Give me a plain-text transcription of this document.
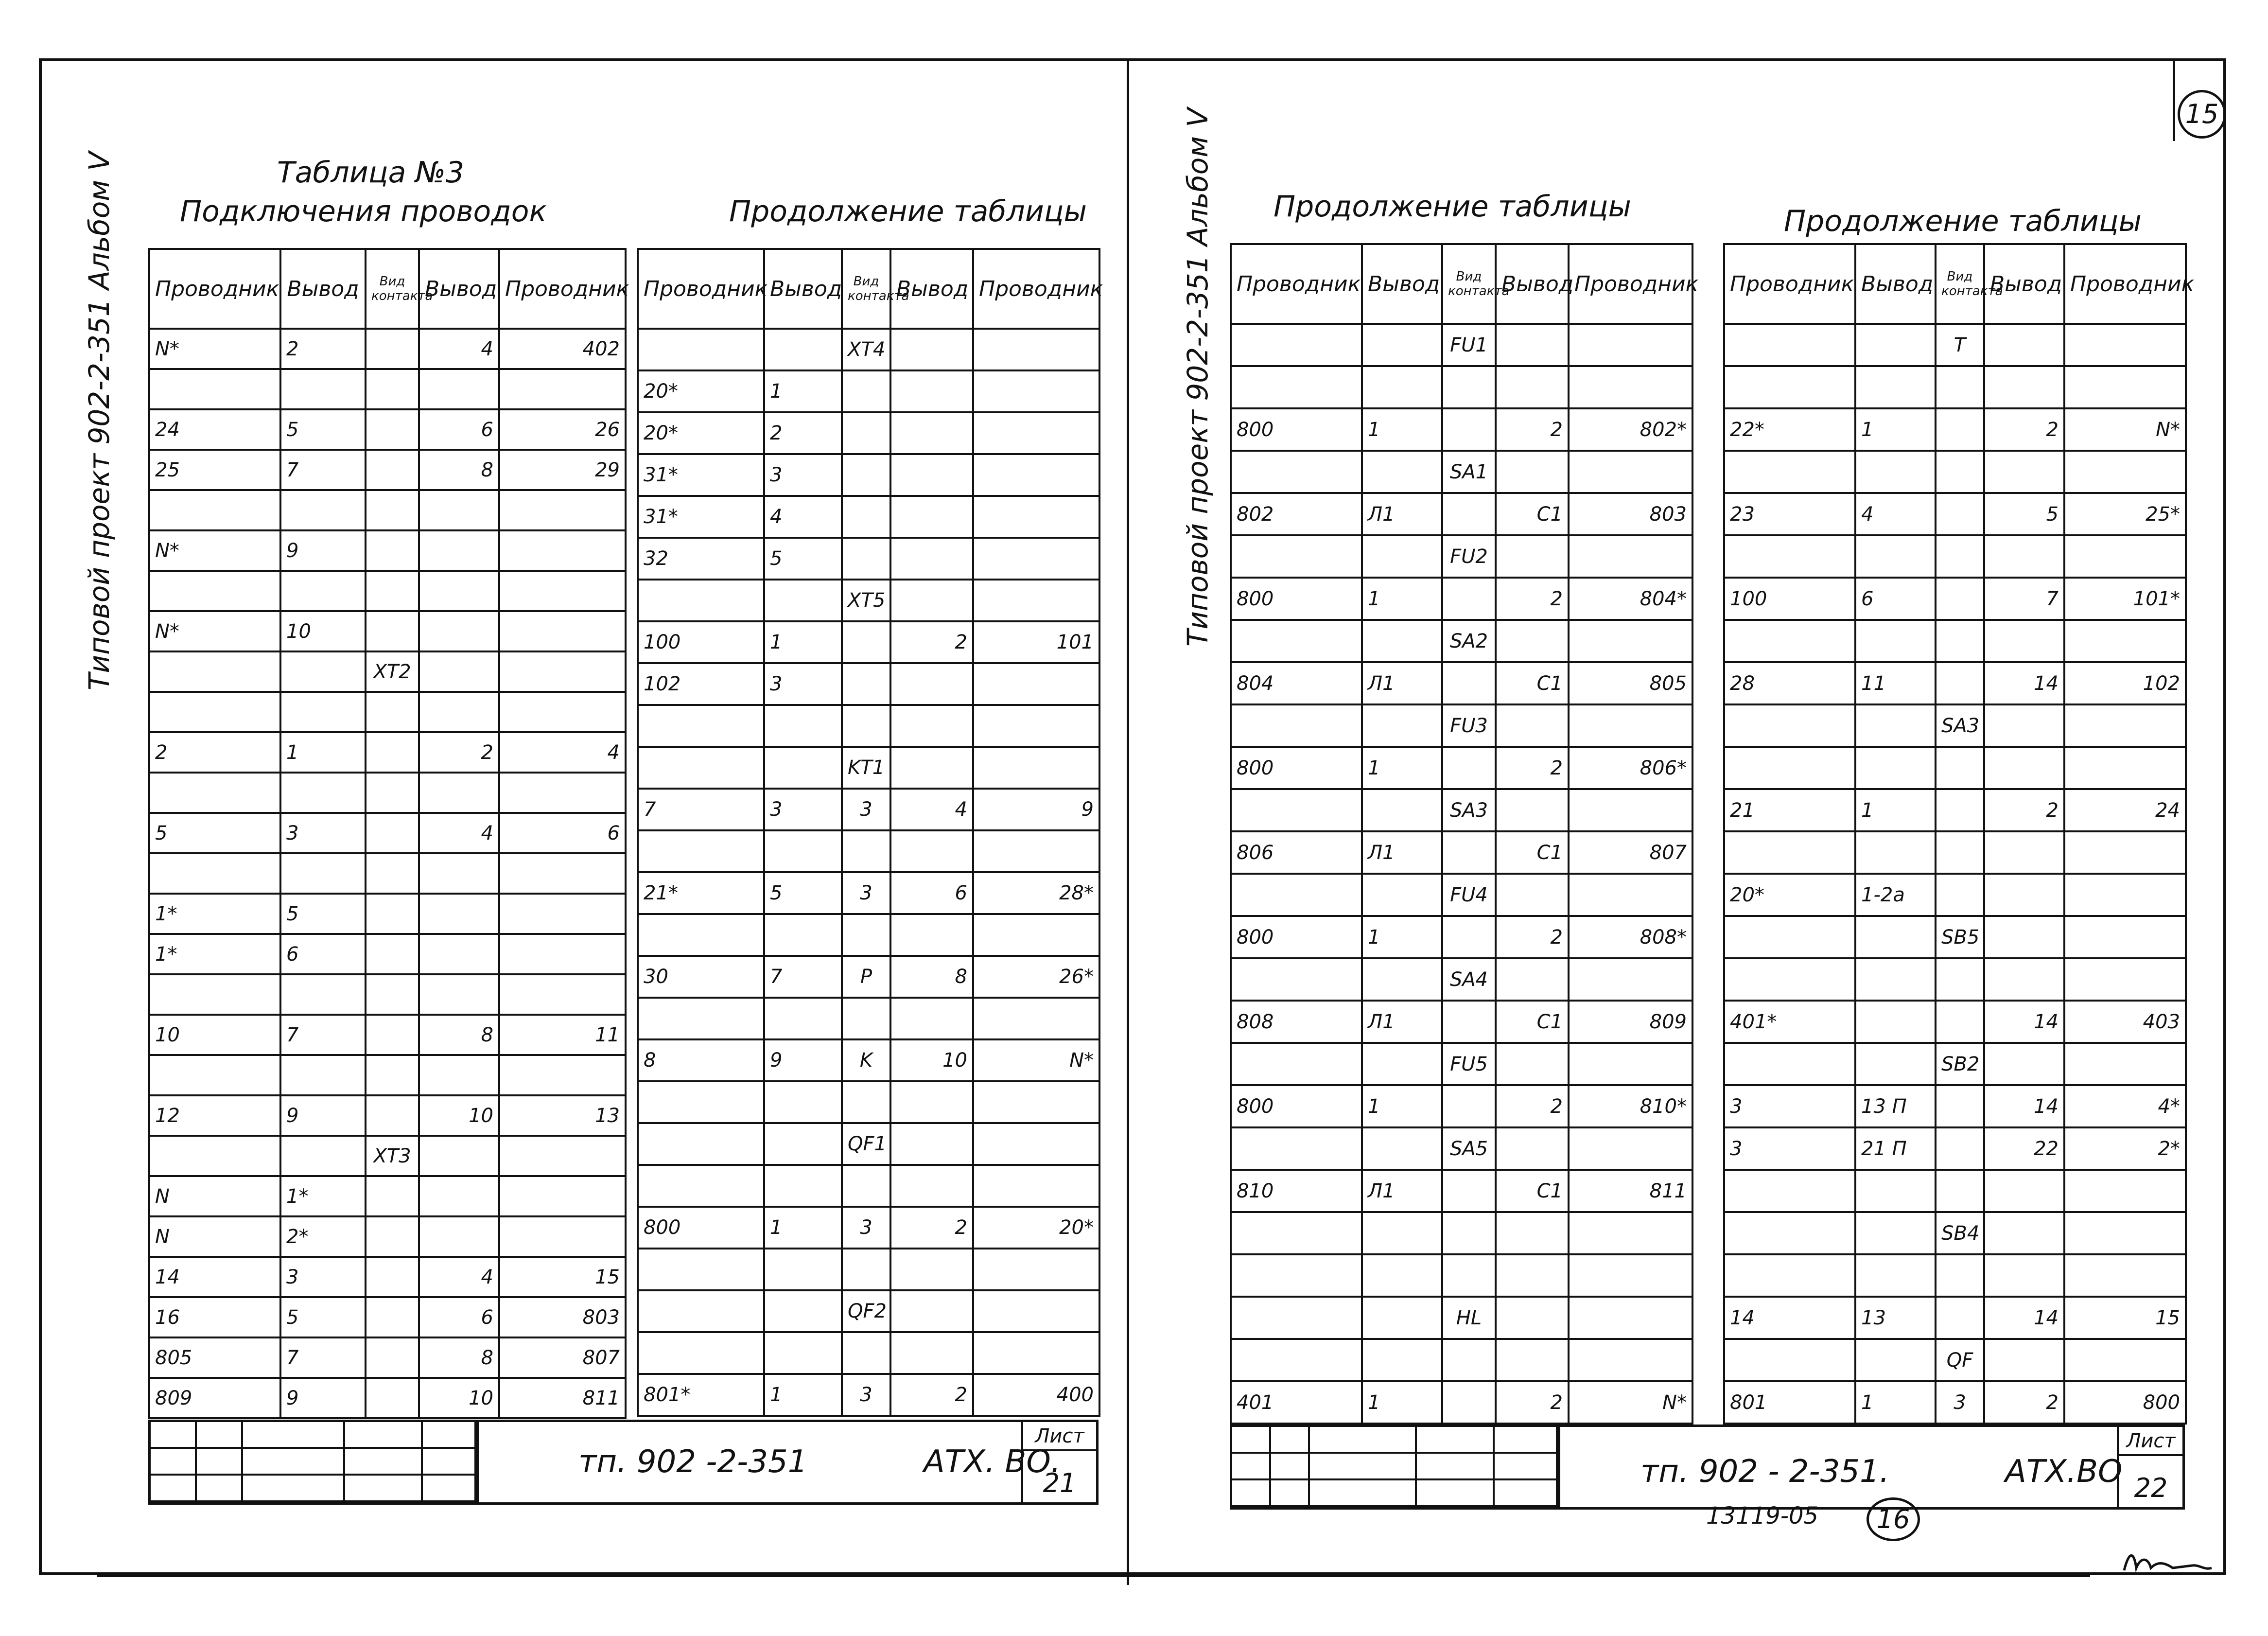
Типовой проект 902-2-351 Альбом V	Таблица №3
Подключения проводок	Продолжение таблицы
Проводник	Вывод	Вид контакта	Вывод	Проводник
N*	2		4	402

24	5		6	26
25	7		8	29

N*	9			

N*	10			
		XT2		

2	1		2	4

5	3		4	6

1*	5			
1*	6			

10	7		8	11

12	9		10	13
		XT3		
N	1*			
N	2*			
14	3		4	15
16	5		6	803
805	7		8	807
809	9		10	811
Проводник	Вывод	Вид контакта	Вывод	Проводник
		XT4		
20*	1			
20*	2			
31*	3			
31*	4			
32	5			
		XT5		
100	1		2	101
102	3			

		KT1		
7	3	3	4	9

21*	5	3	6	28*

30	7	P	8	26*

8	9	K	10	N*

		QF1		

800	1	3	2	20*

		QF2		

801*	1	3	2	400
тп. 902 -2-351	АТХ. ВО.
Лист
21
Типовой проект 902-2-351 Альбом V Продолжение таблицы	Продолжение таблицы
Проводник	Вывод	Вид контакта	Вывод	Проводник
		FU1		

800	1		2	802*
		SA1		
802	Л1		С1	803
		FU2		
800	1		2	804*
		SA2		
804	Л1		С1	805
		FU3		
800	1		2	806*
		SA3		
806	Л1		С1	807
		FU4		
800	1		2	808*
		SA4		
808	Л1		С1	809
		FU5		
800	1		2	810*
		SA5		
810	Л1		С1	811

		HL		

401	1		2	N*
Проводник	Вывод	Вид контакта	Вывод	Проводник
		T		

22*	1		2	N*

23	4		5	25*

100	6		7	101*

28	11		14	102
		SA3		

21	1		2	24

20*	1-2а			
		SB5		

401*			14	403
		SB2		
3	13 П		14	4*
3	21 П		22	2*

		SB4		

14	13		14	15
		QF		
801	1	3	2	800
тп. 902 - 2-351.	АТХ.ВО
Лист
22
15
13119-05	16
